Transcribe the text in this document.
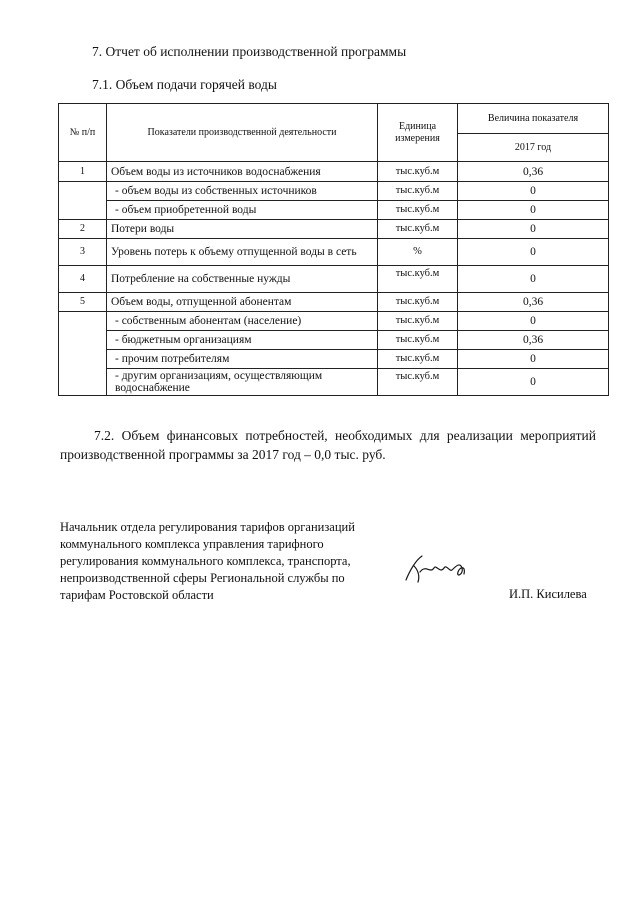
7. Отчет об исполнении производственной программы
7.1. Объем подачи горячей воды
№ п/п	Показатели производственной деятельности	Единица измерения	Величина показателя
			2017 год
1	Объем воды из источников водоснабжения	тыс.куб.м	0,36
	- объем воды из собственных источников	тыс.куб.м	0
	- объем приобретенной воды	тыс.куб.м	0
2	Потери воды	тыс.куб.м	0
3	Уровень потерь к объему отпущенной воды в сеть	%	0
4	Потребление на собственные нужды	тыс.куб.м	0
5	Объем воды, отпущенной абонентам	тыс.куб.м	0,36
	- собственным абонентам (население)	тыс.куб.м	0
	- бюджетным организациям	тыс.куб.м	0,36
	- прочим потребителям	тыс.куб.м	0
	- другим организациям, осуществляющим водоснабжение	тыс.куб.м	0
7.2. Объем финансовых потребностей, необходимых для реализации мероприятий производственной программы за 2017 год – 0,0 тыс. руб.
Начальник отдела регулирования тарифов организаций
коммунального комплекса управления тарифного
регулирования коммунального комплекса, транспорта,
непроизводственной сферы Региональной службы по
тарифам Ростовской области	И.П. Кисилева
